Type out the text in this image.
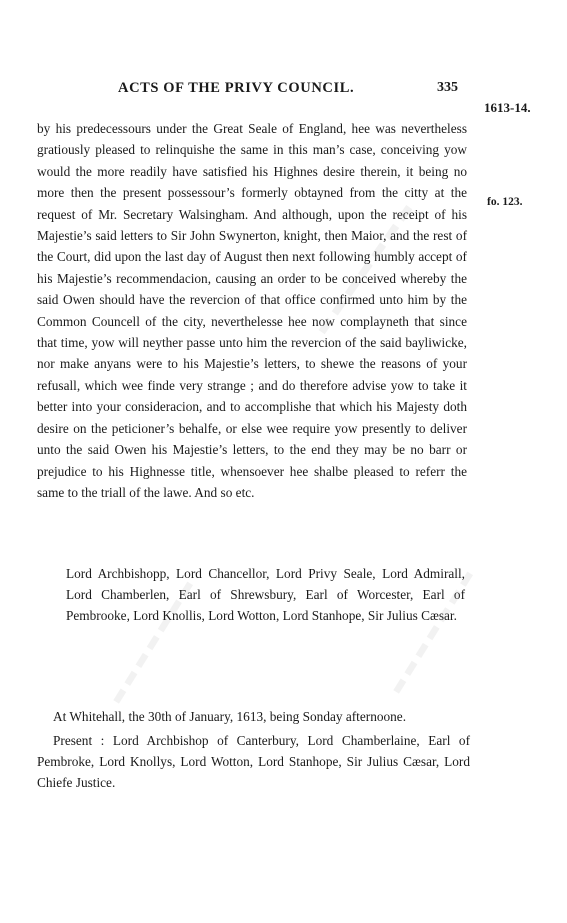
ACTS OF THE PRIVY COUNCIL.	335
1613-14.
fo. 123.
by his predecessours under the Great Seale of England, hee was nevertheless gratiously pleased to relinquishe the same in this man’s case, conceiving yow would the more readily have satisfied his Highnes desire therein, it being no more then the present possessour’s formerly obtayned from the citty at the request of Mr. Secretary Walsingham. And although, upon the receipt of his Majestie’s said letters to Sir John Swynerton, knight, then Maior, and the rest of the Court, did upon the last day of August then next following humbly accept of his Majestie’s recommendacion, causing an order to be conceived whereby the said Owen should have the revercion of that office confirmed unto him by the Common Councell of the city, neverthelesse hee now complayneth that since that time, yow will neyther passe unto him the revercion of the said bayliwicke, nor make anyans were to his Majestie’s letters, to shewe the reasons of your refusall, which wee finde very strange ; and do therefore advise yow to take it better into your consideracion, and to accomplishe that which his Majesty doth desire on the peticioner’s behalfe, or else wee require yow presently to deliver unto the said Owen his Majestie’s letters, to the end they may be no barr or prejudice to his Highnesse title, whensoever hee shalbe pleased to referr the same to the triall of the lawe. And so etc.
Lord Archbishopp, Lord Chancellor, Lord Privy Seale, Lord Admirall, Lord Chamberlen, Earl of Shrewsbury, Earl of Worcester, Earl of Pembrooke, Lord Knollis, Lord Wotton, Lord Stanhope, Sir Julius Cæsar.

At Whitehall, the 30th of January, 1613, being Sonday afternoone.

Present : Lord Archbishop of Canterbury, Lord Chamberlaine, Earl of Pembroke, Lord Knollys, Lord Wotton, Lord Stanhope, Sir Julius Cæsar, Lord Chiefe Justice.

▬▬▬▬▬▬▬
▬▬▬▬▬▬▬	▬▬▬▬▬▬▬
